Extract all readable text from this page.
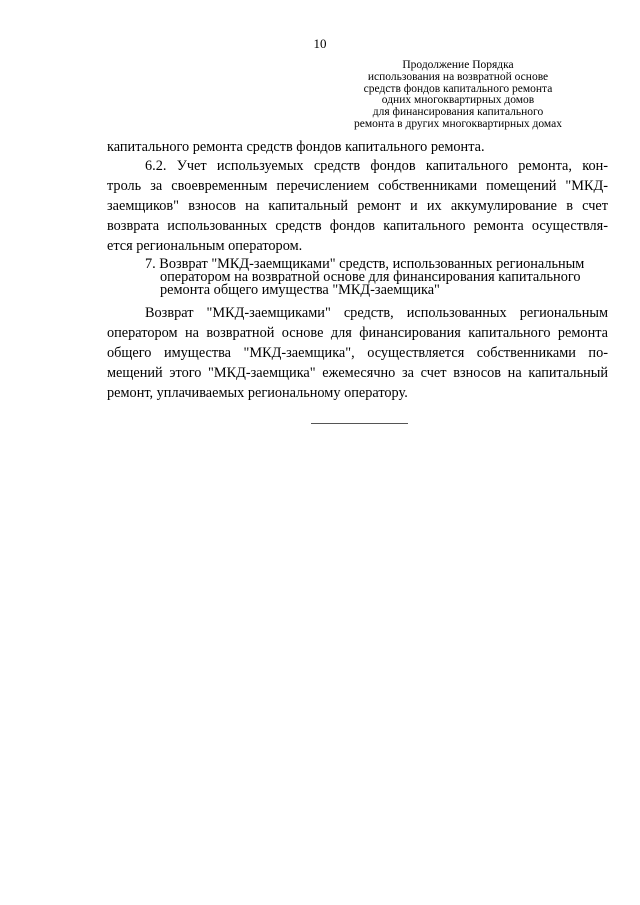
10
Продолжение Порядка
использования на возвратной основе
средств фондов капитального ремонта
одних многоквартирных домов
для финансирования капитального
ремонта в других многоквартирных домах
капитального ремонта средств фондов капитального ремонта.
6.2. Учет используемых средств фондов капитального ремонта, кон-
троль за своевременным перечислением собственниками помещений "МКД-
заемщиков" взносов на капитальный ремонт и их аккумулирование в счет
возврата использованных средств фондов капитального ремонта осуществля-
ется региональным оператором.
7. Возврат "МКД-заемщиками" средств, использованных региональным
оператором на возвратной основе для финансирования капитального
ремонта общего имущества "МКД-заемщика"
Возврат "МКД-заемщиками" средств, использованных региональным
оператором на возвратной основе для финансирования капитального ремонта
общего имущества "МКД-заемщика", осуществляется собственниками по-
мещений этого "МКД-заемщика" ежемесячно за счет взносов на капитальный
ремонт, уплачиваемых региональному оператору.
